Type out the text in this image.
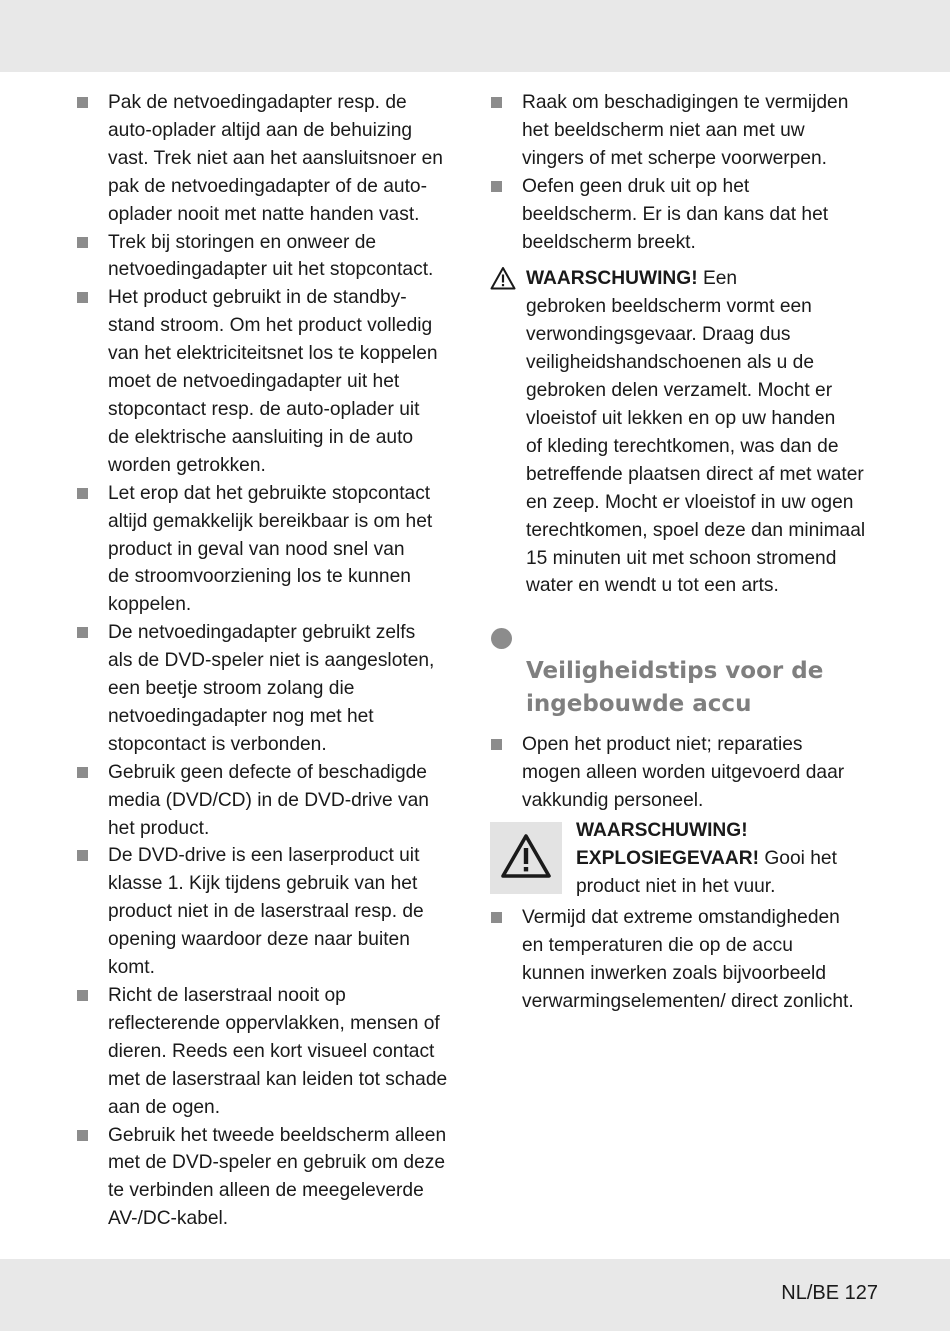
Pak de netvoedingadapter resp. de
auto-oplader altijd aan de behuizing
vast. Trek niet aan het aansluitsnoer en
pak de netvoedingadapter of de auto-
oplader nooit met natte handen vast.
Trek bij storingen en onweer de
netvoedingadapter uit het stopcontact.
Het product gebruikt in de standby-
stand stroom. Om het product volledig
van het elektriciteitsnet los te koppelen
moet de netvoedingadapter uit het
stopcontact resp. de auto-oplader uit
de elektrische aansluiting in de auto
worden getrokken.
Let erop dat het gebruikte stopcontact
altijd gemakkelijk bereikbaar is om het
product in geval van nood snel van
de stroomvoorziening los te kunnen
koppelen.
De netvoedingadapter gebruikt zelfs
als de DVD-speler niet is aangesloten,
een beetje stroom zolang die
netvoedingadapter nog met het
stopcontact is verbonden.
Gebruik geen defecte of beschadigde
media (DVD/CD) in de DVD-drive van
het product.
De DVD-drive is een laserproduct uit
klasse 1. Kijk tijdens gebruik van het
product niet in de laserstraal resp. de
opening waardoor deze naar buiten
komt.
Richt de laserstraal nooit op
reflecterende oppervlakken, mensen of
dieren. Reeds een kort visueel contact
met de laserstraal kan leiden tot schade
aan de ogen.
Gebruik het tweede beeldscherm alleen
met de DVD-speler en gebruik om deze
te verbinden alleen de meegeleverde
AV-/DC-kabel.
Raak om beschadigingen te vermijden
het beeldscherm niet aan met uw
vingers of met scherpe voorwerpen.
Oefen geen druk uit op het
beeldscherm. Er is dan kans dat het
beeldscherm breekt.
WAARSCHUWING! Een
gebroken beeldscherm vormt een
verwondingsgevaar. Draag dus
veiligheidshandschoenen als u de
gebroken delen verzamelt. Mocht er
vloeistof uit lekken en op uw handen
of kleding terechtkomen, was dan de
betreffende plaatsen direct af met water
en zeep. Mocht er vloeistof in uw ogen
terechtkomen, spoel deze dan minimaal
15 minuten uit met schoon stromend
water en wendt u tot een arts.

Veiligheidstips voor de
ingebouwde accu

Open het product niet; reparaties
mogen alleen worden uitgevoerd daar
vakkundig personeel.
WAARSCHUWING!
EXPLOSIEGEVAAR! Gooi het
product niet in het vuur.
Vermijd dat extreme omstandigheden
en temperaturen die op de accu
kunnen inwerken zoals bijvoorbeeld
verwarmingselementen/ direct zonlicht.
NL/BE 127
